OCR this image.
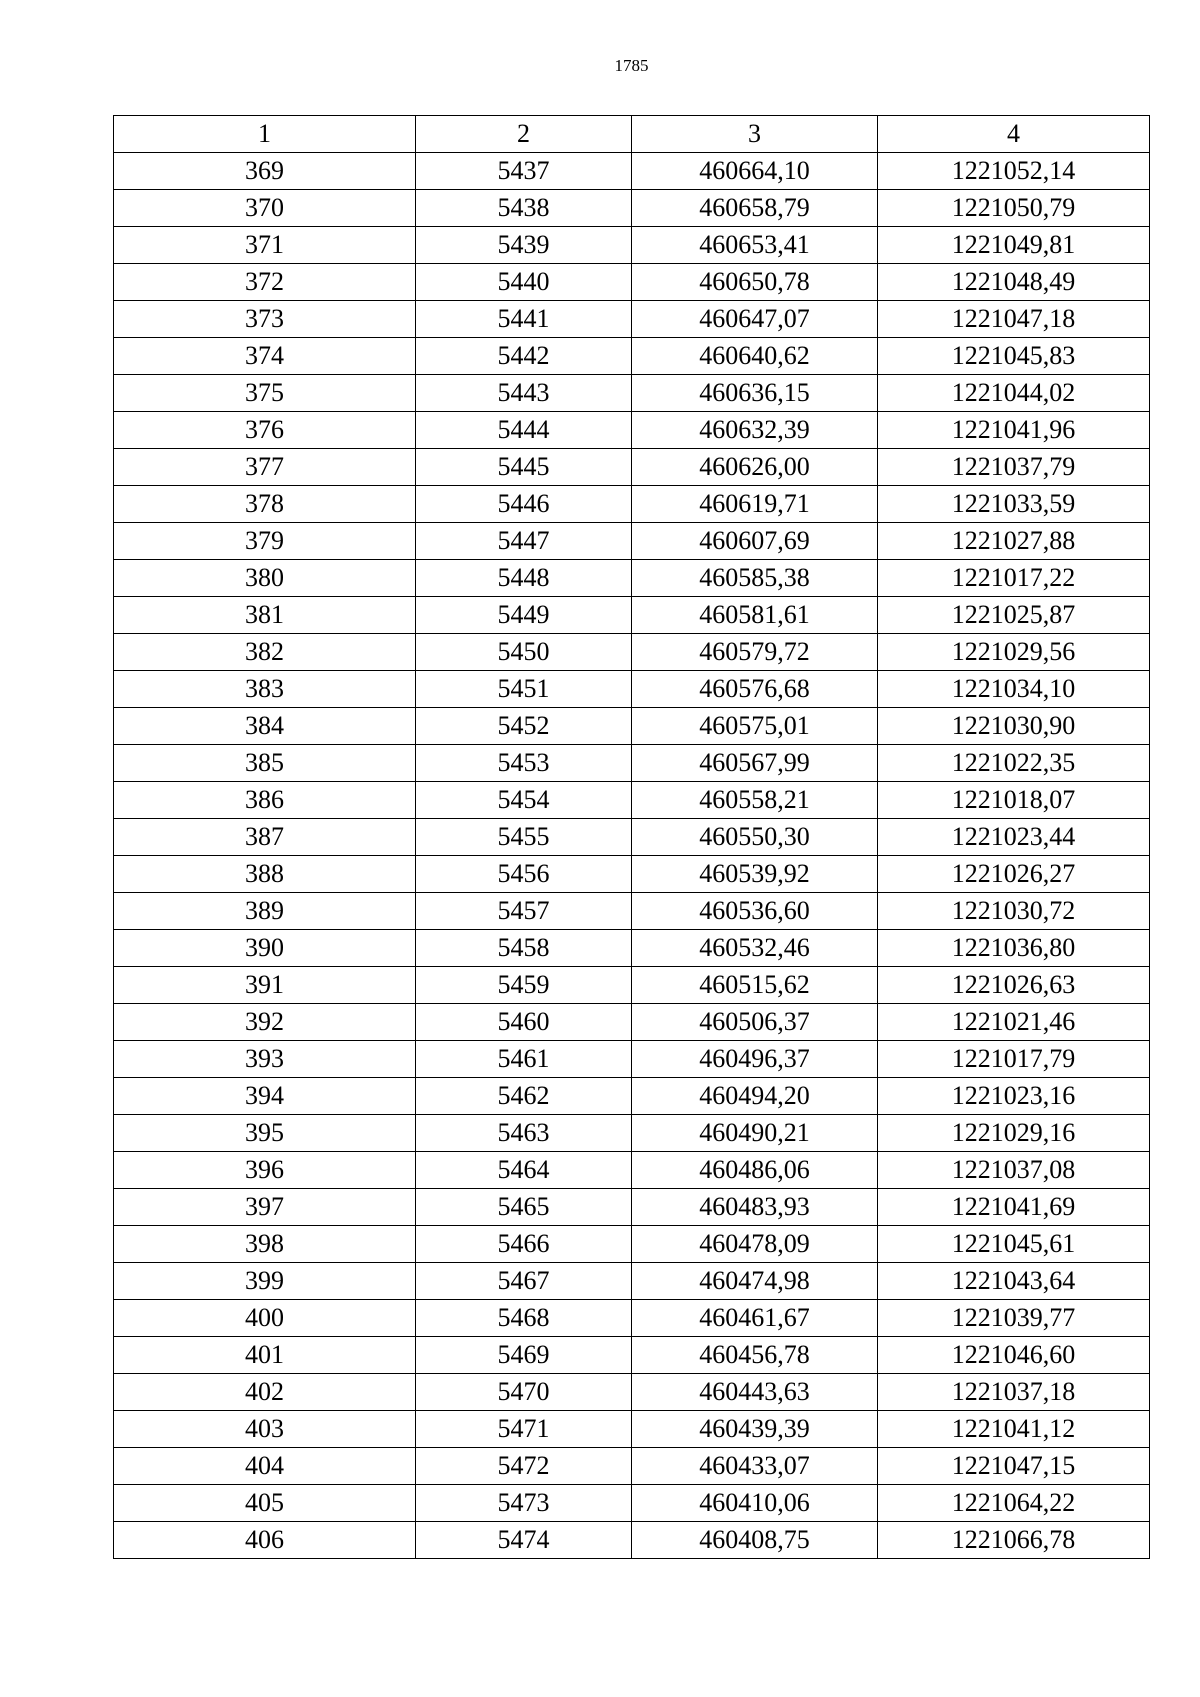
1785
1	2	3	4
369	5437	460664,10	1221052,14
370	5438	460658,79	1221050,79
371	5439	460653,41	1221049,81
372	5440	460650,78	1221048,49
373	5441	460647,07	1221047,18
374	5442	460640,62	1221045,83
375	5443	460636,15	1221044,02
376	5444	460632,39	1221041,96
377	5445	460626,00	1221037,79
378	5446	460619,71	1221033,59
379	5447	460607,69	1221027,88
380	5448	460585,38	1221017,22
381	5449	460581,61	1221025,87
382	5450	460579,72	1221029,56
383	5451	460576,68	1221034,10
384	5452	460575,01	1221030,90
385	5453	460567,99	1221022,35
386	5454	460558,21	1221018,07
387	5455	460550,30	1221023,44
388	5456	460539,92	1221026,27
389	5457	460536,60	1221030,72
390	5458	460532,46	1221036,80
391	5459	460515,62	1221026,63
392	5460	460506,37	1221021,46
393	5461	460496,37	1221017,79
394	5462	460494,20	1221023,16
395	5463	460490,21	1221029,16
396	5464	460486,06	1221037,08
397	5465	460483,93	1221041,69
398	5466	460478,09	1221045,61
399	5467	460474,98	1221043,64
400	5468	460461,67	1221039,77
401	5469	460456,78	1221046,60
402	5470	460443,63	1221037,18
403	5471	460439,39	1221041,12
404	5472	460433,07	1221047,15
405	5473	460410,06	1221064,22
406	5474	460408,75	1221066,78
